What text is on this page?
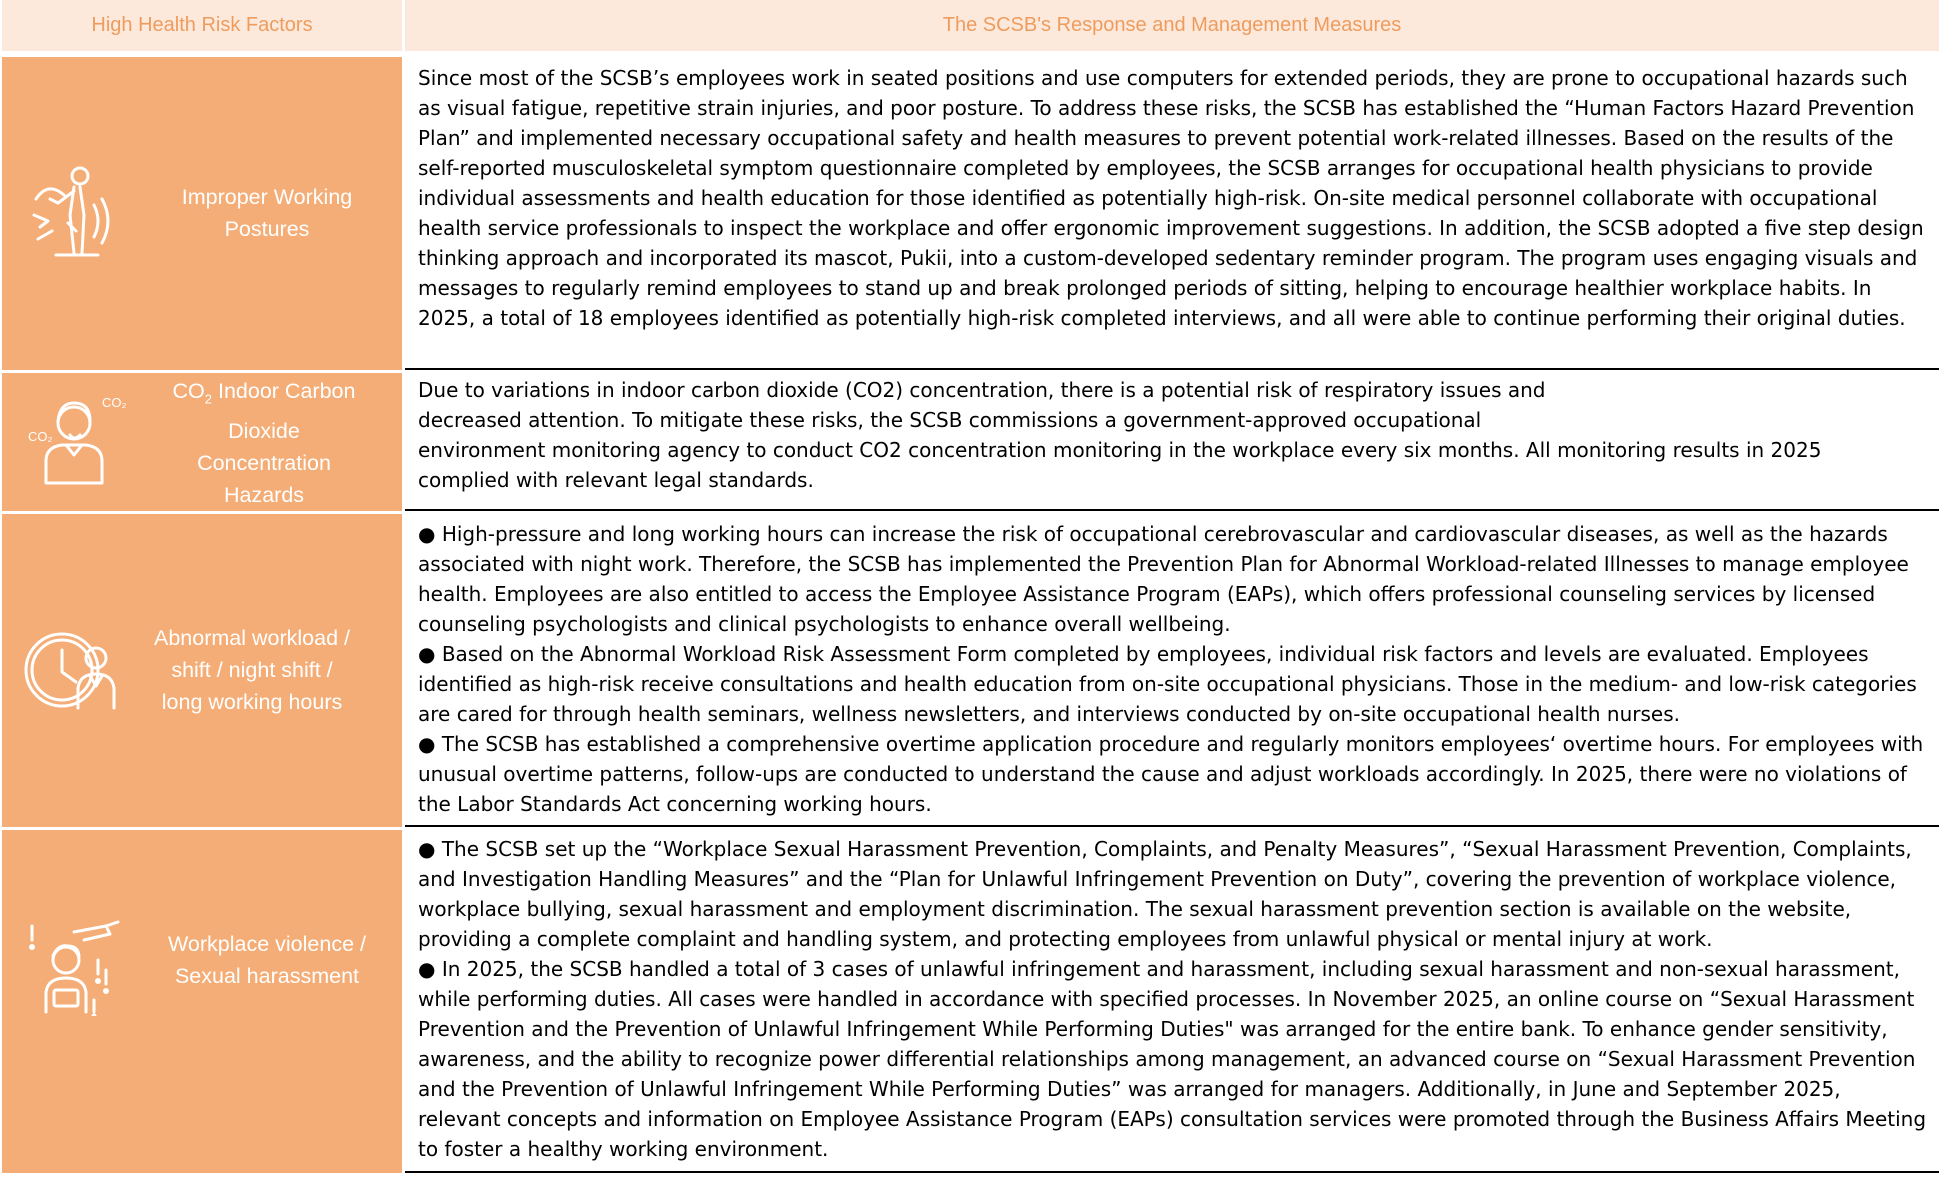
High Health Risk Factors	The SCSB's Response and Management Measures
Improper Working Postures

Since most of the SCSB’s employees work in seated positions and use computers for extended periods, they are prone to occupational hazards such as visual fatigue, repetitive strain injuries, and poor posture. To address these risks, the SCSB has established the “Human Factors Hazard Prevention Plan” and implemented necessary occupational safety and health measures to prevent potential work-related illnesses. Based on the results of the self-reported musculoskeletal symptom questionnaire completed by employees, the SCSB arranges for occupational health physicians to provide individual assessments and health education for those identified as potentially high-risk. On-site medical personnel collaborate with occupational health service professionals to inspect the workplace and offer ergonomic improvement suggestions. In addition, the SCSB adopted a five step design thinking approach and incorporated its mascot, Pukii, into a custom-developed sedentary reminder program. The program uses engaging visuals and messages to regularly remind employees to stand up and break prolonged periods of sitting, helping to encourage healthier workplace habits. In 2025, a total of 18 employees identified as potentially high-risk completed interviews, and all were able to continue performing their original duties.

CO₂
CO₂
$CO_2$ Indoor Carbon Dioxide Concentration Hazards

Due to variations in indoor carbon dioxide (CO2) concentration, there is a potential risk of respiratory issues and
decreased attention. To mitigate these risks, the SCSB commissions a government-approved occupational
environment monitoring agency to conduct CO2 concentration monitoring in the workplace every six months. All monitoring results in 2025
complied with relevant legal standards.

Abnormal workload / shift / night shift / long working hours

● High-pressure and long working hours can increase the risk of occupational cerebrovascular and cardiovascular diseases, as well as the hazards associated with night work. Therefore, the SCSB has implemented the Prevention Plan for Abnormal Workload-related Illnesses to manage employee health. Employees are also entitled to access the Employee Assistance Program (EAPs), which offers professional counseling services by licensed counseling psychologists and clinical psychologists to enhance overall wellbeing.
● Based on the Abnormal Workload Risk Assessment Form completed by employees, individual risk factors and levels are evaluated. Employees identified as high-risk receive consultations and health education from on-site occupational physicians. Those in the medium- and low-risk categories are cared for through health seminars, wellness newsletters, and interviews conducted by on-site occupational health nurses.
● The SCSB has established a comprehensive overtime application procedure and regularly monitors employees‘ overtime hours. For employees with unusual overtime patterns, follow-ups are conducted to understand the cause and adjust workloads accordingly. In 2025, there were no violations of the Labor Standards Act concerning working hours.

Workplace violence / Sexual harassment

● The SCSB set up the “Workplace Sexual Harassment Prevention, Complaints, and Penalty Measures”, “Sexual Harassment Prevention, Complaints, and Investigation Handling Measures” and the “Plan for Unlawful Infringement Prevention on Duty”, covering the prevention of workplace violence, workplace bullying, sexual harassment and employment discrimination. The sexual harassment prevention section is available on the website, providing a complete complaint and handling system, and protecting employees from unlawful physical or mental injury at work.
● In 2025, the SCSB handled a total of 3 cases of unlawful infringement and harassment, including sexual harassment and non-sexual harassment, while performing duties. All cases were handled in accordance with specified processes. In November 2025, an online course on “Sexual Harassment Prevention and the Prevention of Unlawful Infringement While Performing Duties" was arranged for the entire bank. To enhance gender sensitivity, awareness, and the ability to recognize power differential relationships among management, an advanced course on “Sexual Harassment Prevention and the Prevention of Unlawful Infringement While Performing Duties” was arranged for managers. Additionally, in June and September 2025, relevant concepts and information on Employee Assistance Program (EAPs) consultation services were promoted through the Business Affairs Meeting to foster a healthy working environment.
